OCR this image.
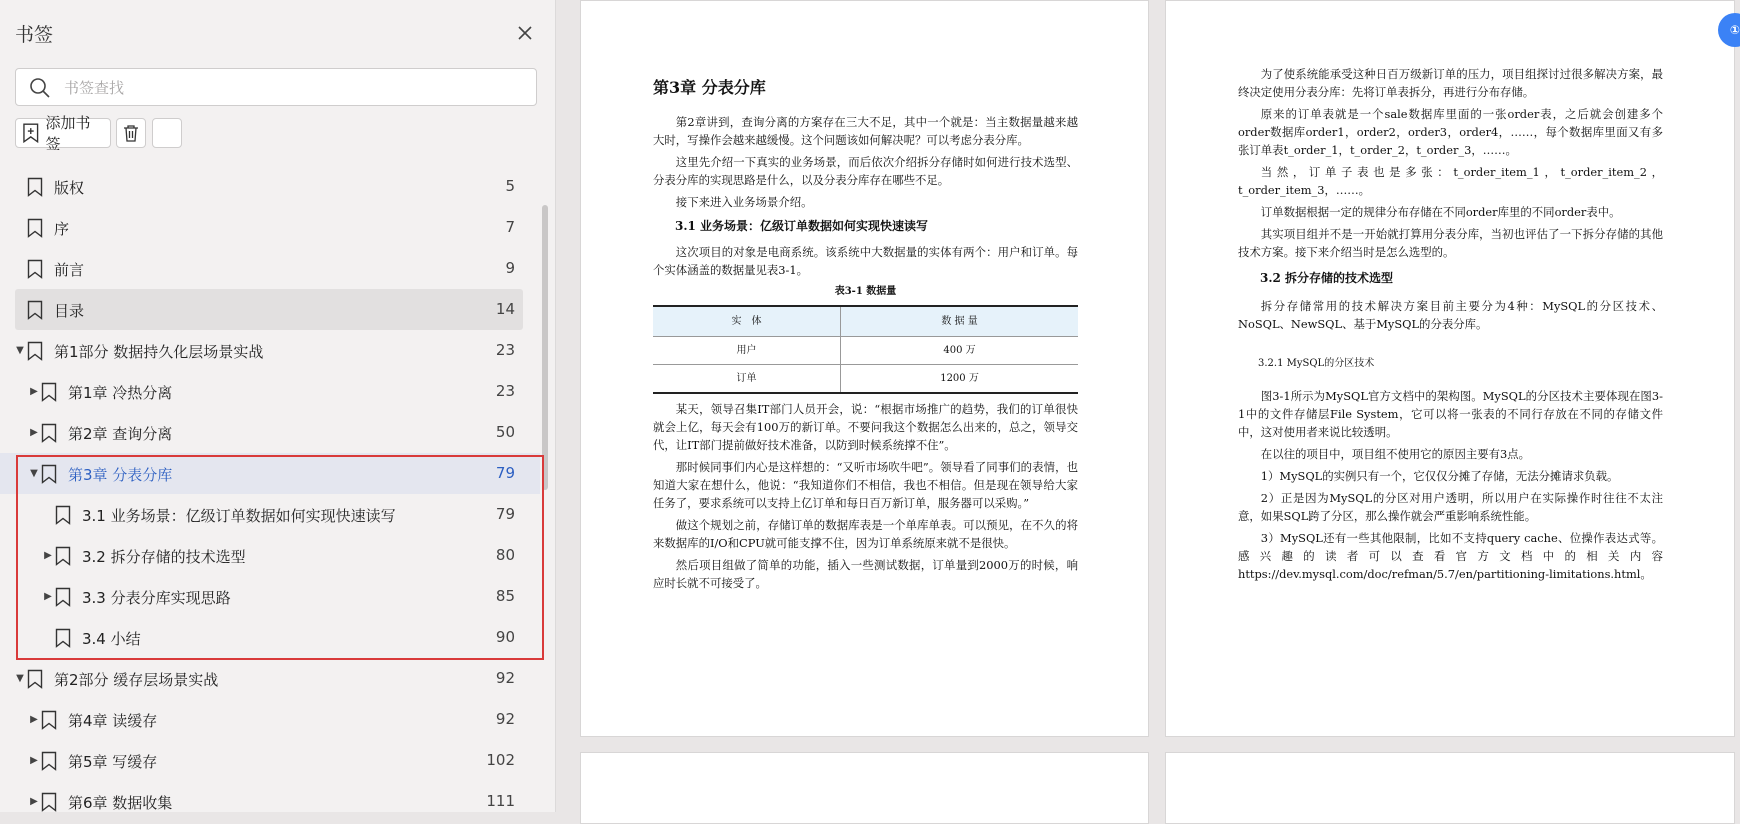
书签
书签查找
添加书签
版权	5
序	7
前言	9
目录	14
▼ 第1部分 数据持久化层场景实战	23
▶ 第1章 冷热分离	23
▶ 第2章 查询分离	50
▼ 第3章 分表分库	79
3.1 业务场景：亿级订单数据如何实现快速读写	79
▶ 3.2 拆分存储的技术选型	80
▶ 3.3 分表分库实现思路	85
3.4 小结	90
▼ 第2部分 缓存层场景实战	92
▶ 第4章 读缓存	92
▶ 第5章 写缓存	102
▶ 第6章 数据收集	111

第3章 分表分库

第2章讲到，查询分离的方案存在三大不足，其中一个就是：当主数据量越来越大时，写操作会越来越缓慢。这个问题该如何解决呢？可以考虑分表分库。

这里先介绍一下真实的业务场景，而后依次介绍拆分存储时如何进行技术选型、分表分库的实现思路是什么，以及分表分库存在哪些不足。

接下来进入业务场景介绍。

3.1 业务场景：亿级订单数据如何实现快速读写

这次项目的对象是电商系统。该系统中大数据量的实体有两个：用户和订单。每个实体涵盖的数据量见表3-1。

表3-1 数据量

实　体	数 据 量
用户	400 万
订单	1200 万

某天，领导召集IT部门人员开会，说：“根据市场推广的趋势，我们的订单很快就会上亿，每天会有100万的新订单。不要问我这个数据怎么出来的，总之，领导交代，让IT部门提前做好技术准备，以防到时候系统撑不住”。

那时候同事们内心是这样想的：“又听市场吹牛吧”。领导看了同事们的表情，也知道大家在想什么，他说：“我知道你们不相信，我也不相信。但是现在领导给大家任务了，要求系统可以支持上亿订单和每日百万新订单，服务器可以采购。”

做这个规划之前，存储订单的数据库表是一个单库单表。可以预见，在不久的将来数据库的I/O和CPU就可能支撑不住，因为订单系统原来就不是很快。

然后项目组做了简单的功能，插入一些测试数据，订单量到2000万的时候，响应时长就不可接受了。

为了使系统能承受这种日百万级新订单的压力，项目组探讨过很多解决方案，最终决定使用分表分库：先将订单表拆分，再进行分布存储。

原来的订单表就是一个sale数据库里面的一张order表，之后就会创建多个order数据库order1，order2，order3，order4，……，每个数据库里面又有多张订单表t_order_1，t_order_2，t_order_3，……。

当然，订单子表也是多张：t_order_item_1，t_order_item_2，t_order_item_3，……。

订单数据根据一定的规律分布存储在不同order库里的不同order表中。

其实项目组并不是一开始就打算用分表分库，当初也评估了一下拆分存储的其他技术方案。接下来介绍当时是怎么选型的。

3.2 拆分存储的技术选型

拆分存储常用的技术解决方案目前主要分为4种：MySQL的分区技术、NoSQL、NewSQL、基于MySQL的分表分库。

3.2.1 MySQL的分区技术

图3-1所示为MySQL官方文档中的架构图。MySQL的分区技术主要体现在图3-1中的文件存储层File System，它可以将一张表的不同行存放在不同的存储文件中，这对使用者来说比较透明。

在以往的项目中，项目组不使用它的原因主要有3点。

1）MySQL的实例只有一个，它仅仅分摊了存储，无法分摊请求负载。

2）正是因为MySQL的分区对用户透明，所以用户在实际操作时往往不太注意，如果SQL跨了分区，那么操作就会严重影响系统性能。

3）MySQL还有一些其他限制，比如不支持query cache、位操作表达式等。感兴趣的读者可以查看官方文档中的相关内容https://dev.mysql.com/doc/refman/5.7/en/partitioning-limitations.html。

①
